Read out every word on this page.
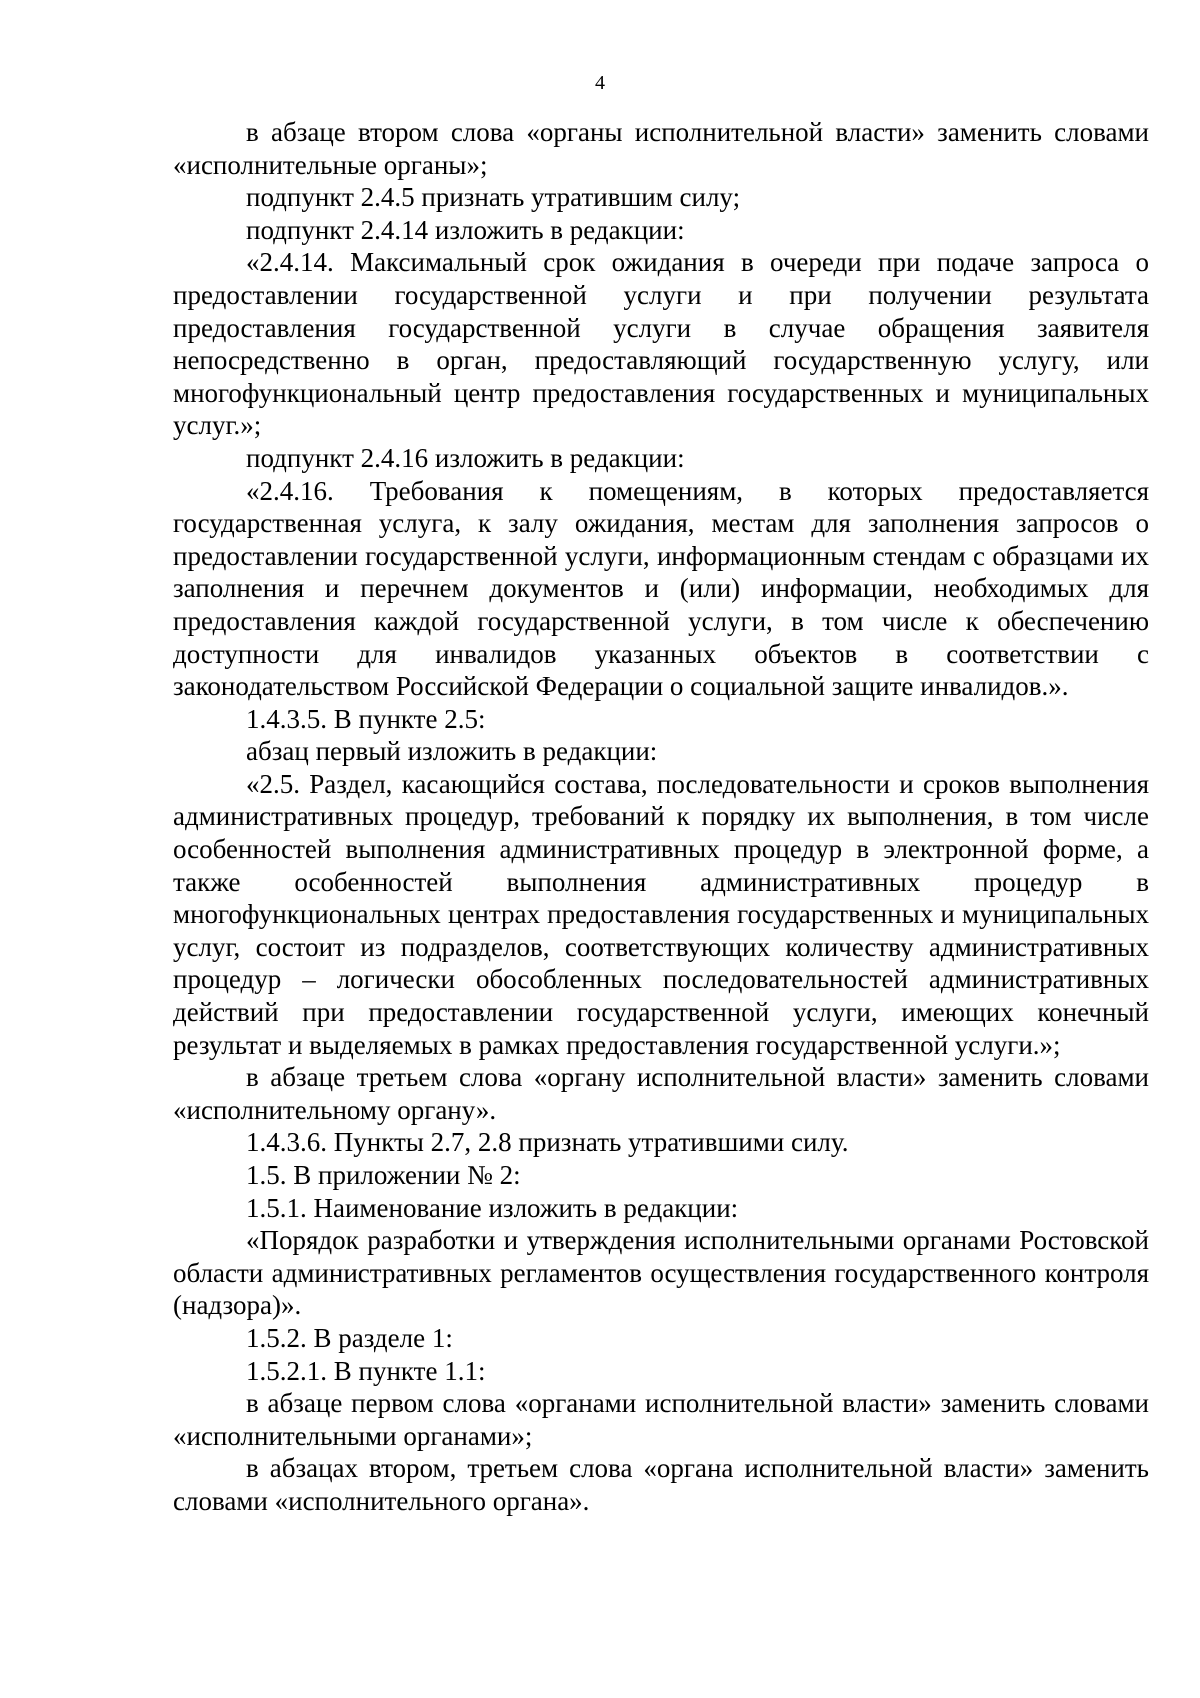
4

в абзаце втором слова «органы исполнительной власти» заменить словами «исполнительные органы»;

подпункт 2.4.5 признать утратившим силу;

подпункт 2.4.14 изложить в редакции:

«2.4.14. Максимальный срок ожидания в очереди при подаче запроса о предоставлении государственной услуги и при получении результата предоставления государственной услуги в случае обращения заявителя непосредственно в орган, предоставляющий государственную услугу, или многофункциональный центр предоставления государственных и муниципальных услуг.»;

подпункт 2.4.16 изложить в редакции:

«2.4.16. Требования к помещениям, в которых предоставляется государственная услуга, к залу ожидания, местам для заполнения запросов о предоставлении государственной услуги, информационным стендам с образцами их заполнения и перечнем документов и (или) информации, необходимых для предоставления каждой государственной услуги, в том числе к обеспечению доступности для инвалидов указанных объектов в соответствии с законодательством Российской Федерации о социальной защите инвалидов.».

1.4.3.5. В пункте 2.5:

абзац первый изложить в редакции:

«2.5. Раздел, касающийся состава, последовательности и сроков выполнения административных процедур, требований к порядку их выполнения, в том числе особенностей выполнения административных процедур в электронной форме, а также особенностей выполнения административных процедур в многофункциональных центрах предоставления государственных и муниципальных услуг, состоит из подразделов, соответствующих количеству административных процедур – логически обособленных последовательностей административных действий при предоставлении государственной услуги, имеющих конечный результат и выделяемых в рамках предоставления государственной услуги.»;

в абзаце третьем слова «органу исполнительной власти» заменить словами «исполнительному органу».

1.4.3.6. Пункты 2.7, 2.8 признать утратившими силу.

1.5. В приложении № 2:

1.5.1. Наименование изложить в редакции:

«Порядок разработки и утверждения исполнительными органами Ростовской области административных регламентов осуществления государственного контроля (надзора)».

1.5.2. В разделе 1:

1.5.2.1. В пункте 1.1:

в абзаце первом слова «органами исполнительной власти» заменить словами «исполнительными органами»;

в абзацах втором, третьем слова «органа исполнительной власти» заменить словами «исполнительного органа».
